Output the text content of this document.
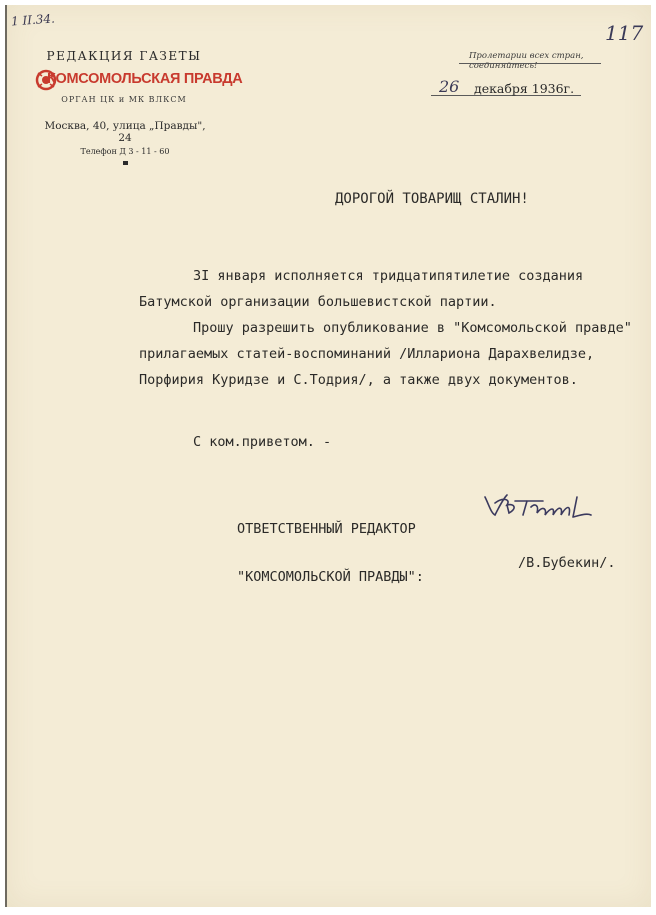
1 II.34.
117
РЕДАКЦИЯ ГАЗЕТЫ
КОМСОМОЛЬСКАЯ ПРАВДА
ОРГАН ЦК и МК ВЛКСМ
Москва, 40, улица „Правды", 24
Телефон Д 3 - 11 - 60
Пролетарии всех стран, соединяйтесь!
26 декабря 1936г.
ДОРОГОЙ ТОВАРИЩ СТАЛИН!
3I января исполняется тридцатипятилетие создания
Батумской организации большевистской партии.
Прошу разрешить опубликование в "Комсомольской правде"
прилагаемых статей-воспоминаний /Иллариона Дарахвелидзе,
Порфирия Куридзе и С.Тодрия/, а также двух документов.
С ком.приветом. -

ОТВЕТСТВЕННЫЙ РЕДАКТОР

"КОМСОМОЛЬСКОЙ ПРАВДЫ":

/В.Бубекин/.
